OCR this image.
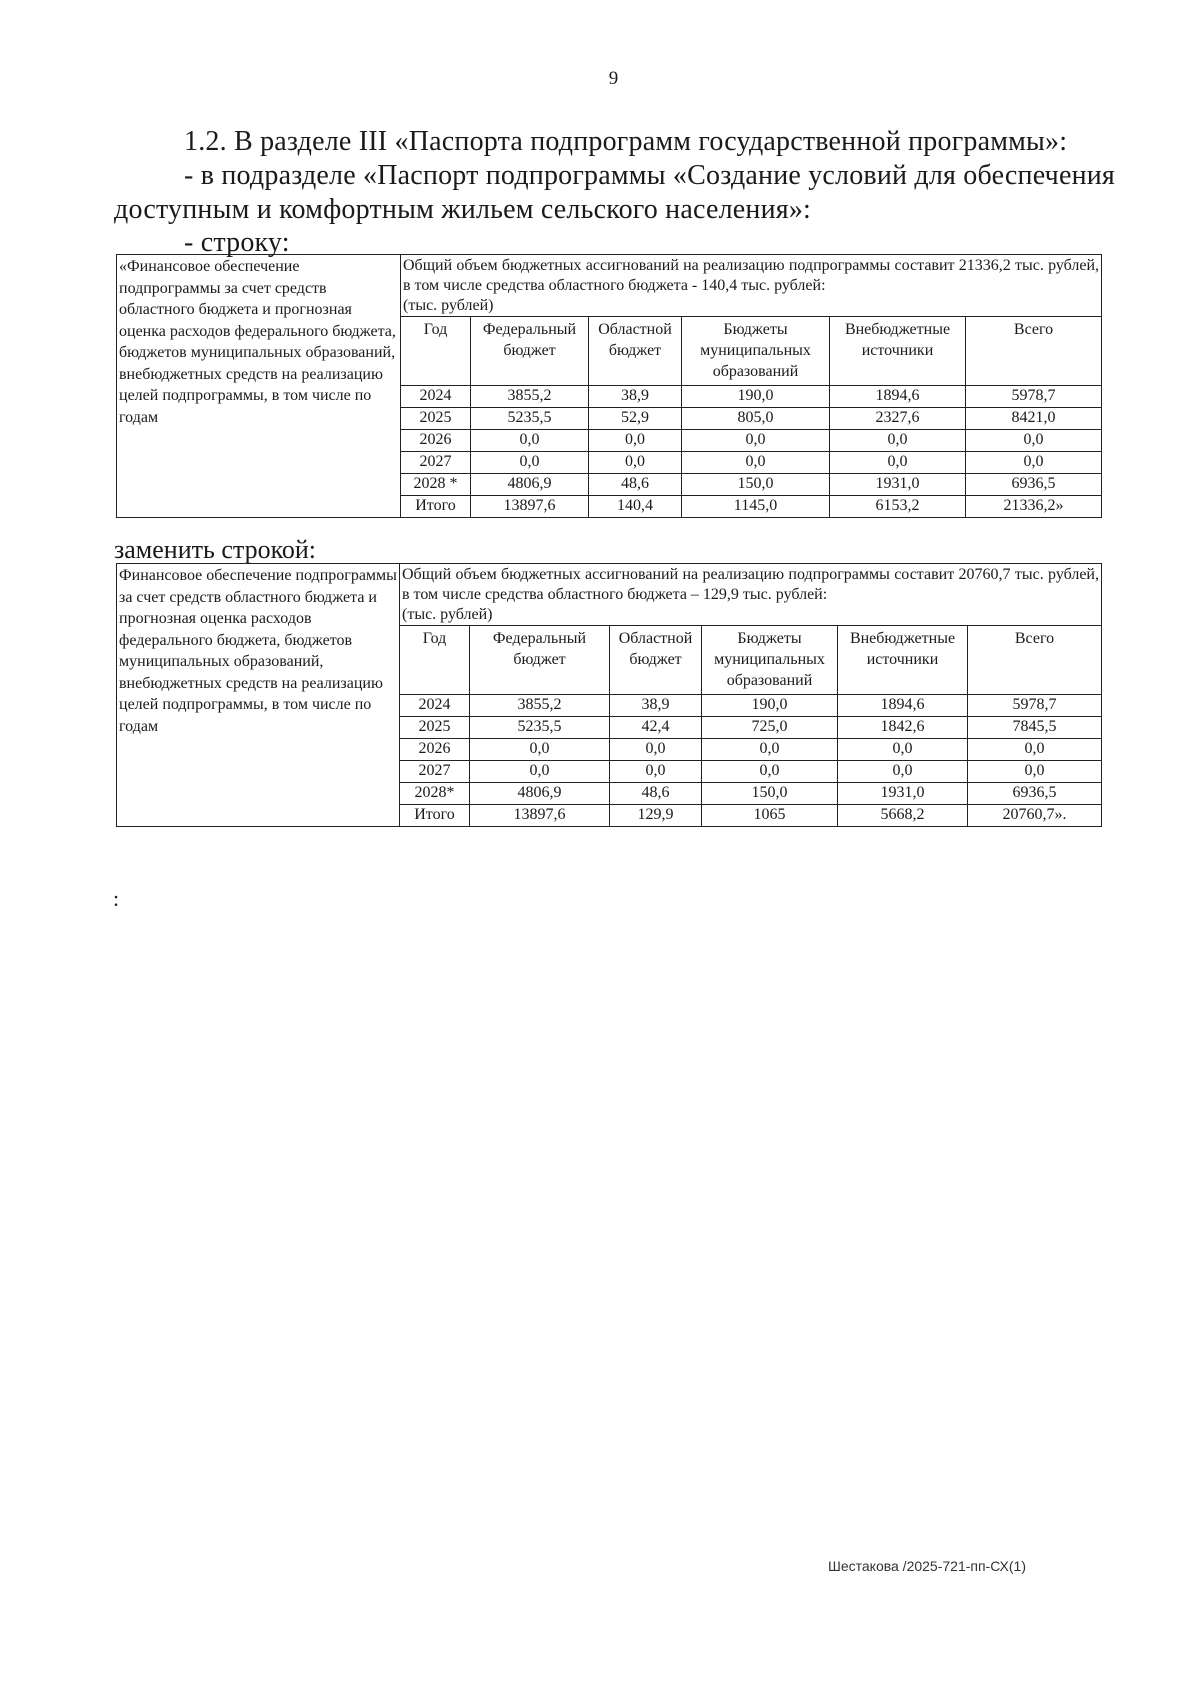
9
1.2. В разделе III «Паспорта подпрограмм государственной программы»:
- в подразделе «Паспорт подпрограммы «Создание условий для обеспечения
доступным и комфортным жильем сельского населения»:
- строку:
«Финансовое обеспечение подпрограммы за счет средств областного бюджета и прогнозная оценка расходов федерального бюджета, бюджетов муниципальных образований, внебюджетных средств на реализацию целей подпрограммы, в том числе по годам	Общий объем бюджетных ассигнований на реализацию подпрограммы составит 21336,2 тыс. рублей, в том числе средства областного бюджета - 140,4 тыс. рублей:
(тыс. рублей)					

	Год	Федеральный бюджет	Областной бюджет	Бюджеты муниципальных образований	Внебюджетные источники	Всего
	2024	3855,2	38,9	190,0	1894,6	5978,7
	2025	5235,5	52,9	805,0	2327,6	8421,0
	2026	0,0	0,0	0,0	0,0	0,0
	2027	0,0	0,0	0,0	0,0	0,0
	2028 *	4806,9	48,6	150,0	1931,0	6936,5
	Итого	13897,6	140,4	1145,0	6153,2	21336,2»
заменить строкой:
Финансовое обеспечение подпрограммы за счет средств областного бюджета и прогнозная оценка расходов федерального бюджета, бюджетов муниципальных образований, внебюджетных средств на реализацию целей подпрограммы, в том числе по годам	Общий объем бюджетных ассигнований на реализацию подпрограммы составит 20760,7 тыс. рублей, в том числе средства областного бюджета – 129,9 тыс. рублей:
(тыс. рублей)					

	Год	Федеральный бюджет	Областной бюджет	Бюджеты муниципальных образований	Внебюджетные источники	Всего
	2024	3855,2	38,9	190,0	1894,6	5978,7
	2025	5235,5	42,4	725,0	1842,6	7845,5
	2026	0,0	0,0	0,0	0,0	0,0
	2027	0,0	0,0	0,0	0,0	0,0
	2028*	4806,9	48,6	150,0	1931,0	6936,5
	Итого	13897,6	129,9	1065	5668,2	20760,7».
:
Шестакова /2025-721-пп-СХ(1)
